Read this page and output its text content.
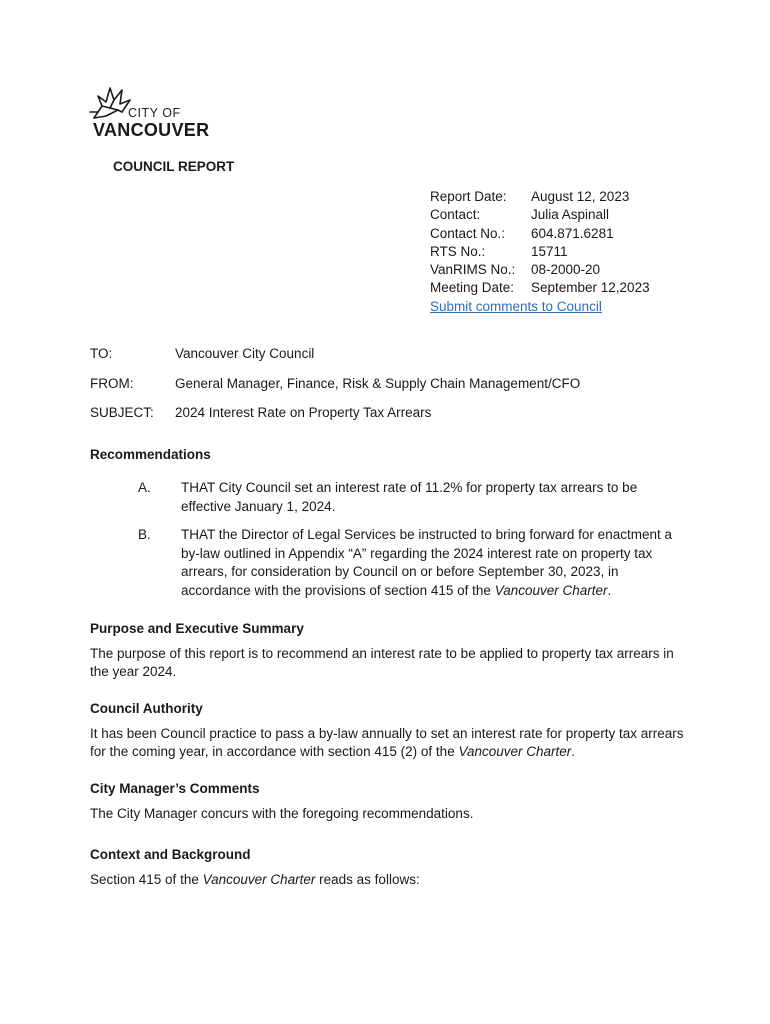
CITY OF
VANCOUVER
COUNCIL REPORT
Report Date:	August 12, 2023
Contact:	Julia Aspinall
Contact No.:	604.871.6281
RTS No.:	15711
VanRIMS No.:	08-2000-20
Meeting Date:	September 12,2023
Submit comments to Council
TO:	Vancouver City Council
FROM:	General Manager, Finance, Risk & Supply Chain Management/CFO
SUBJECT:	2024 Interest Rate on Property Tax Arrears
Recommendations
A.	THAT City Council set an interest rate of 11.2% for property tax arrears to be effective January 1, 2024.
B.	THAT the Director of Legal Services be instructed to bring forward for enactment a by-law outlined in Appendix “A” regarding the 2024 interest rate on property tax arrears, for consideration by Council on or before September 30, 2023, in accordance with the provisions of section 415 of the Vancouver Charter.
Purpose and Executive Summary
The purpose of this report is to recommend an interest rate to be applied to property tax arrears in the year 2024.
Council Authority
It has been Council practice to pass a by-law annually to set an interest rate for property tax arrears for the coming year, in accordance with section 415 (2) of the Vancouver Charter.
City Manager’s Comments
The City Manager concurs with the foregoing recommendations.
Context and Background
Section 415 of the Vancouver Charter reads as follows:
